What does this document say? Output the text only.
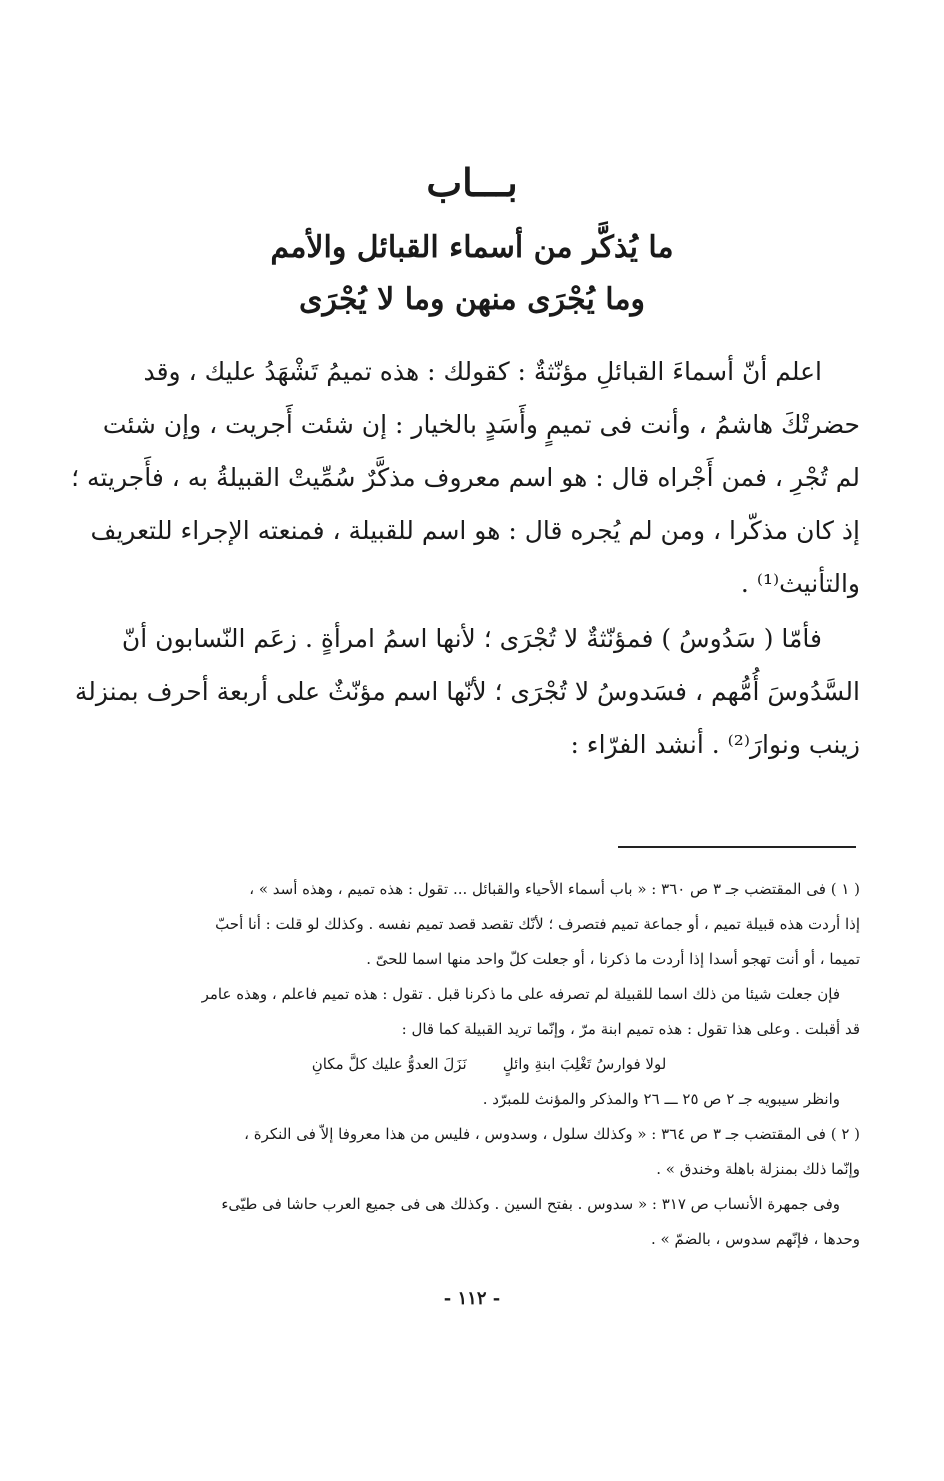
بـــاب
ما يُذكَّر من أسماء القبائل والأمم
وما يُجْرَى منهن وما لا يُجْرَى
اعلم أنّ أسماءَ القبائلِ مؤنّثةٌ : كقولك : هذه تميمُ تَشْهَدُ عليك ، وقد
حضرتْكَ هاشمُ ، وأنت فى تميمٍ وأَسَدٍ بالخيار : إن شئت أَجريت ، وإن شئت
لم تُجْرِ ، فمن أَجْراه قال : هو اسم معروف مذكَّرٌ سُمِّيتْ القبيلةُ به ، فأَجريته ؛
إذ كان مذكّرا ، ومن لم يُجره قال : هو اسم للقبيلة ، فمنعته الإجراء للتعريف
والتأنيث⁽¹⁾ .
فأمّا ( سَدُوسُ ) فمؤنّثةٌ لا تُجْرَى ؛ لأنها اسمُ امرأةٍ . زعَم النّسابون أنّ
السَّدُوسَ أُمُّهم ، فسَدوسُ لا تُجْرَى ؛ لأنّها اسم مؤنّثٌ على أربعة أحرف بمنزلة
زينب ونوارَ⁽²⁾ . أنشد الفرّاء :
( ١ ) فى المقتضب جـ ٣ ص ٣٦٠ : « باب أسماء الأحياء والقبائل ... تقول : هذه تميم ، وهذه أسد » ،
إذا أردت هذه قبيلة تميم ، أو جماعة تميم فتصرف ؛ لأنّك تقصد قصد تميم نفسه . وكذلك لو قلت : أنا أحبّ
تميما ، أو أنت تهجو أسدا إذا أردت ما ذكرنا ، أو جعلت كلّ واحد منها اسما للحىّ .
فإن جعلت شيئا من ذلك اسما للقبيلة لم تصرفه على ما ذكرنا قبل . تقول : هذه تميم فاعلم ، وهذه عامر
قد أقبلت . وعلى هذا تقول : هذه تميم ابنة مرّ ، وإنّما تريد القبيلة كما قال :
لولا فوارسُ تَغْلِبَ ابنةِ وائلٍ
نَزَلَ العدوُّ عليك كلَّ مكانِ
وانظر سيبويه جـ ٢ ص ٢٥ ـــ ٢٦ والمذكر والمؤنث للمبرّد .
( ٢ ) فى المقتضب جـ ٣ ص ٣٦٤ : « وكذلك سلول ، وسدوس ، فليس من هذا معروفا إلاّ فى النكرة ،
وإنّما ذلك بمنزلة باهلة وخندق » .
وفى جمهرة الأنساب ص ٣١٧ : « سدوس . بفتح السين . وكذلك هى فى جميع العرب حاشا فى طيّىء
وحدها ، فإنّهم سدوس ، بالضمّ » .
- ١١٢ -
